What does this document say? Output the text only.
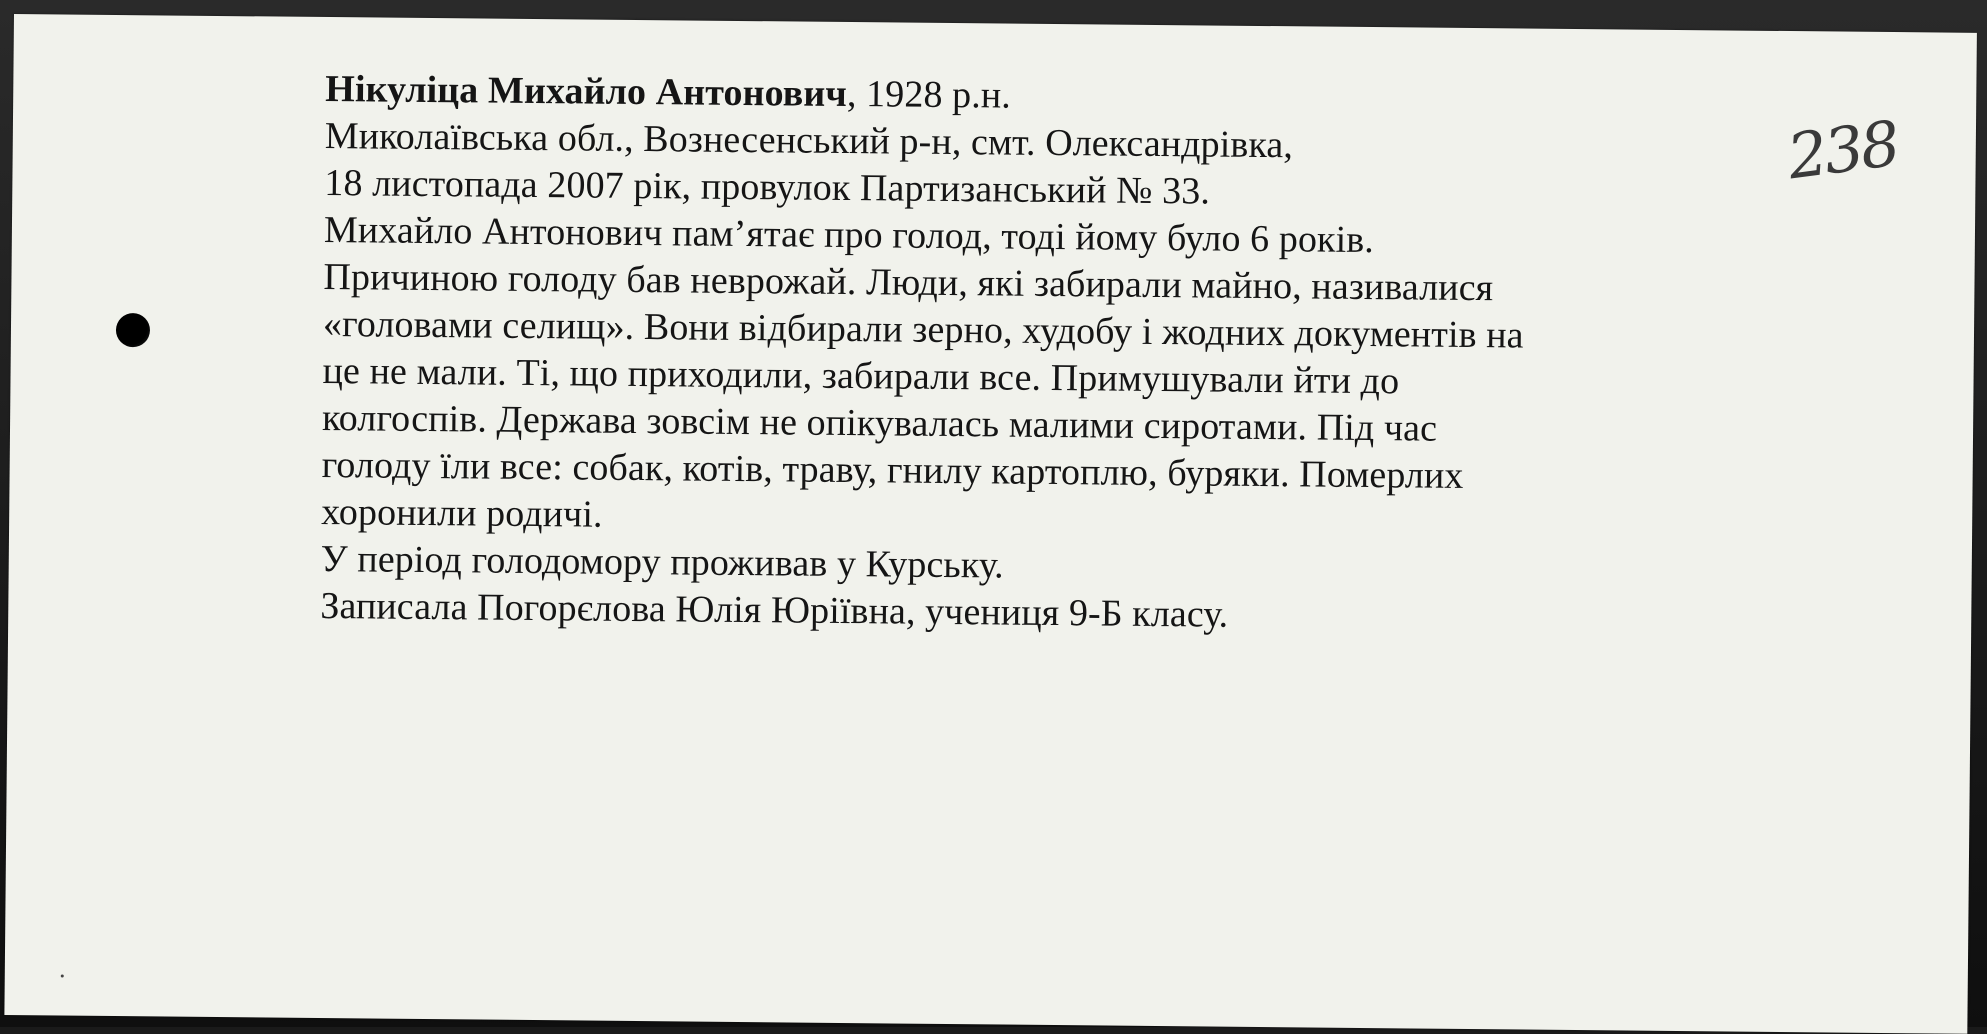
238
Нікуліца Михайло Антонович, 1928 р.н.
Миколаївська обл., Вознесенський р-н, смт. Олександрівка,
18 листопада 2007 рік, провулок Партизанський № 33.
Михайло Антонович пам’ятає про голод, тоді йому було 6 років.
Причиною голоду бав неврожай. Люди, які забирали майно, називалися
«головами селищ». Вони відбирали зерно, худобу і жодних документів на
це не мали. Ті, що приходили, забирали все. Примушували йти до
колгоспів. Держава зовсім не опікувалась малими сиротами. Під час
голоду їли все: собак, котів, траву, гнилу картоплю, буряки. Померлих
хоронили родичі.
У період голодомору проживав у Курську.
Записала Погорєлова Юлія Юріївна, учениця 9-Б класу.
